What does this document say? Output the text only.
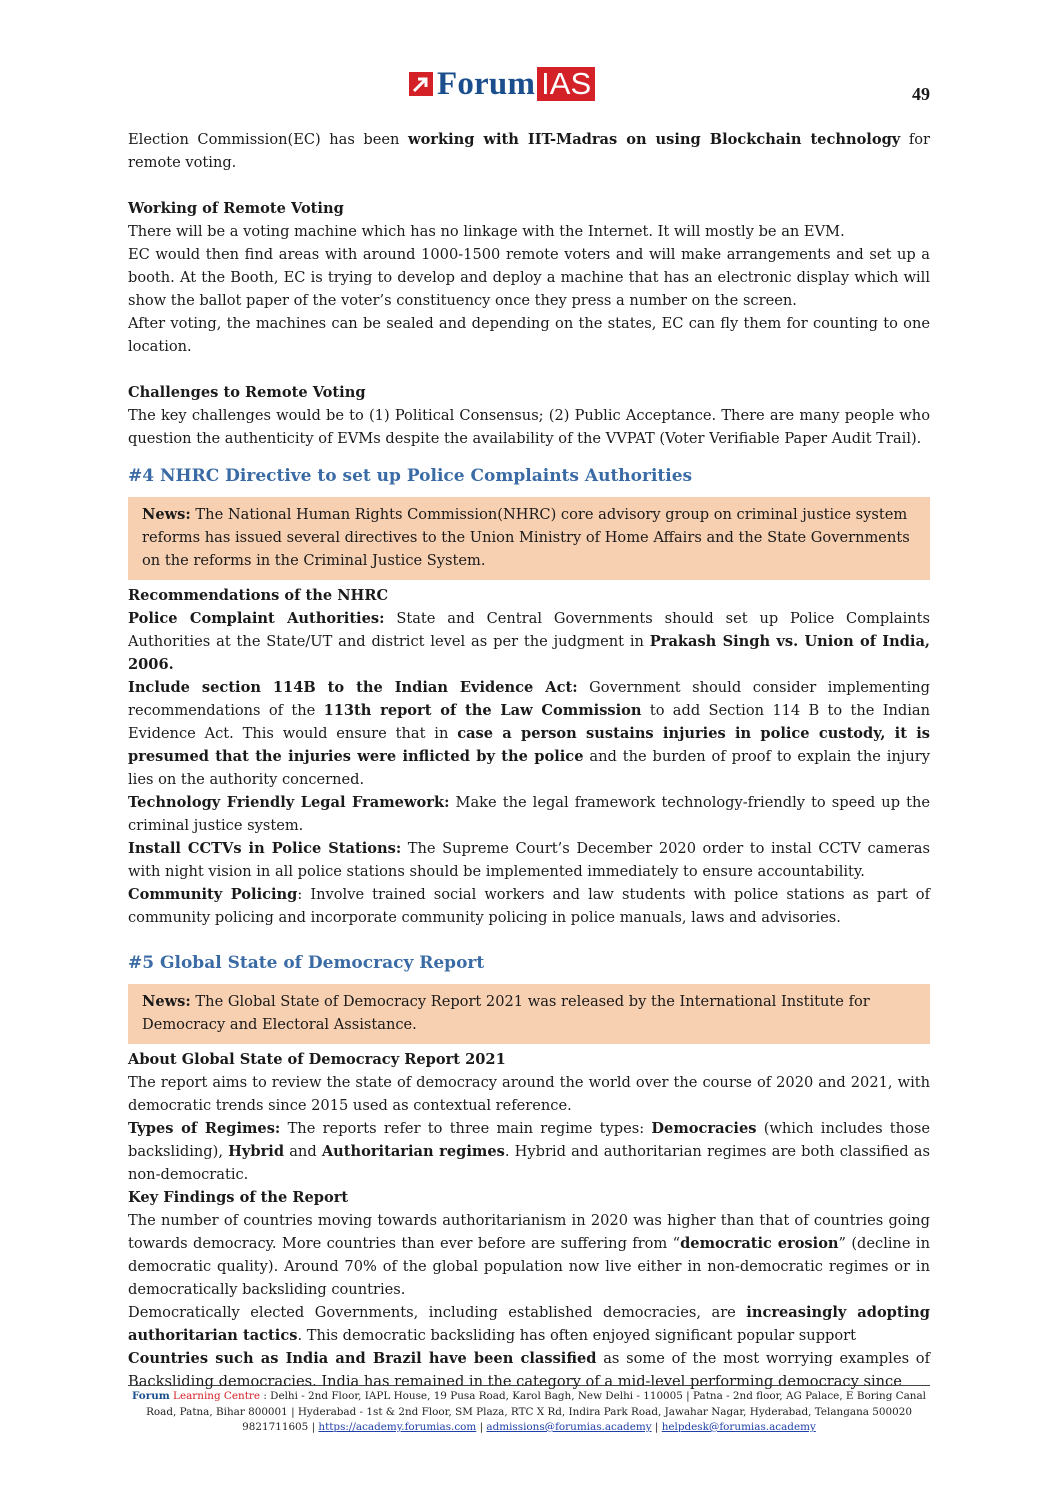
Forum IAS	49

Election Commission(EC) has been working with IIT-Madras on using Blockchain technology for remote voting.

Working of Remote Voting

There will be a voting machine which has no linkage with the Internet. It will mostly be an EVM.

EC would then find areas with around 1000-1500 remote voters and will make arrangements and set up a booth. At the Booth, EC is trying to develop and deploy a machine that has an electronic display which will show the ballot paper of the voter’s constituency once they press a number on the screen.

After voting, the machines can be sealed and depending on the states, EC can fly them for counting to one location.

Challenges to Remote Voting

The key challenges would be to (1) Political Consensus; (2) Public Acceptance. There are many people who question the authenticity of EVMs despite the availability of the VVPAT (Voter Verifiable Paper Audit Trail).

#4 NHRC Directive to set up Police Complaints Authorities

News: The National Human Rights Commission(NHRC) core advisory group on criminal justice system reforms has issued several directives to the Union Ministry of Home Affairs and the State Governments on the reforms in the Criminal Justice System.

Recommendations of the NHRC

Police Complaint Authorities: State and Central Governments should set up Police Complaints Authorities at the State/UT and district level as per the judgment in Prakash Singh vs. Union of India, 2006.

Include section 114B to the Indian Evidence Act: Government should consider implementing recommendations of the 113th report of the Law Commission to add Section 114 B to the Indian Evidence Act. This would ensure that in case a person sustains injuries in police custody, it is presumed that the injuries were inflicted by the police and the burden of proof to explain the injury lies on the authority concerned.

Technology Friendly Legal Framework: Make the legal framework technology-friendly to speed up the criminal justice system.

Install CCTVs in Police Stations: The Supreme Court’s December 2020 order to instal CCTV cameras with night vision in all police stations should be implemented immediately to ensure accountability.

Community Policing: Involve trained social workers and law students with police stations as part of community policing and incorporate community policing in police manuals, laws and advisories.

#5 Global State of Democracy Report

News: The Global State of Democracy Report 2021 was released by the International Institute for Democracy and Electoral Assistance.

About Global State of Democracy Report 2021

The report aims to review the state of democracy around the world over the course of 2020 and 2021, with democratic trends since 2015 used as contextual reference.

Types of Regimes: The reports refer to three main regime types: Democracies (which includes those backsliding), Hybrid and Authoritarian regimes. Hybrid and authoritarian regimes are both classified as non-democratic.

Key Findings of the Report

The number of countries moving towards authoritarianism in 2020 was higher than that of countries going towards democracy. More countries than ever before are suffering from “democratic erosion” (decline in democratic quality). Around 70% of the global population now live either in non-democratic regimes or in democratically backsliding countries.

Democratically elected Governments, including established democracies, are increasingly adopting authoritarian tactics. This democratic backsliding has often enjoyed significant popular support

Countries such as India and Brazil have been classified as some of the most worrying examples of Backsliding democracies. India has remained in the category of a mid-level performing democracy since

Forum Learning Centre : Delhi - 2nd Floor, IAPL House, 19 Pusa Road, Karol Bagh, New Delhi - 110005 | Patna - 2nd floor, AG Palace, E Boring Canal Road, Patna, Bihar 800001 | Hyderabad - 1st & 2nd Floor, SM Plaza, RTC X Rd, Indira Park Road, Jawahar Nagar, Hyderabad, Telangana 500020
9821711605 | https://academy.forumias.com | admissions@forumias.academy | helpdesk@forumias.academy
